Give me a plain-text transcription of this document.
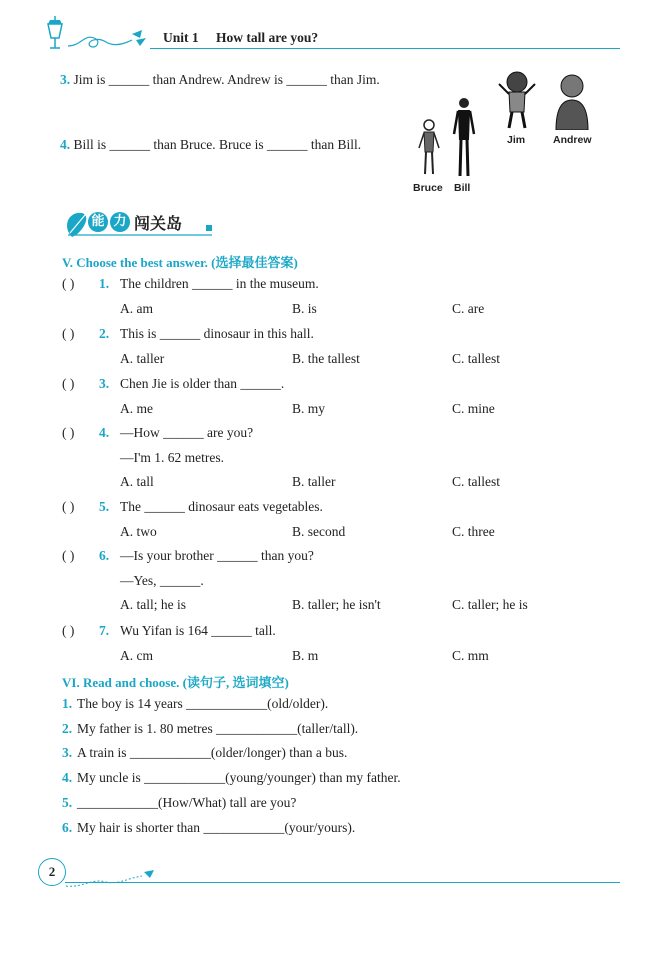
Unit 1 How tall are you?
3. Jim is ______ than Andrew. Andrew is ______ than Jim.
4. Bill is ______ than Bruce. Bruce is ______ than Bill.
Bruce Bill
Jim	Andrew
能 力 闯关岛
V. Choose the best answer. (选择最佳答案)
( ) 1. The children ______ in the museum.
A. am	B. is	C. are
( ) 2. This is ______ dinosaur in this hall.
A. taller	B. the tallest	C. tallest
( ) 3. Chen Jie is older than ______.
A. me	B. my	C. mine
( ) 4. —How ______ are you?
—I'm 1. 62 metres.
A. tall	B. taller	C. tallest
( ) 5. The ______ dinosaur eats vegetables.
A. two	B. second	C. three
( ) 6. —Is your brother ______ than you?
—Yes, ______.
A. tall; he is	B. taller; he isn't	C. taller; he is
( ) 7. Wu Yifan is 164 ______ tall.
A. cm	B. m	C. mm
VI. Read and choose. (读句子, 选词填空)
1. The boy is 14 years ____________(old/older).
2. My father is 1. 80 metres ____________(taller/tall).
3. A train is ____________(older/longer) than a bus.
4. My uncle is ____________(young/younger) than my father.
5. ____________(How/What) tall are you?
6. My hair is shorter than ____________(your/yours).
2
